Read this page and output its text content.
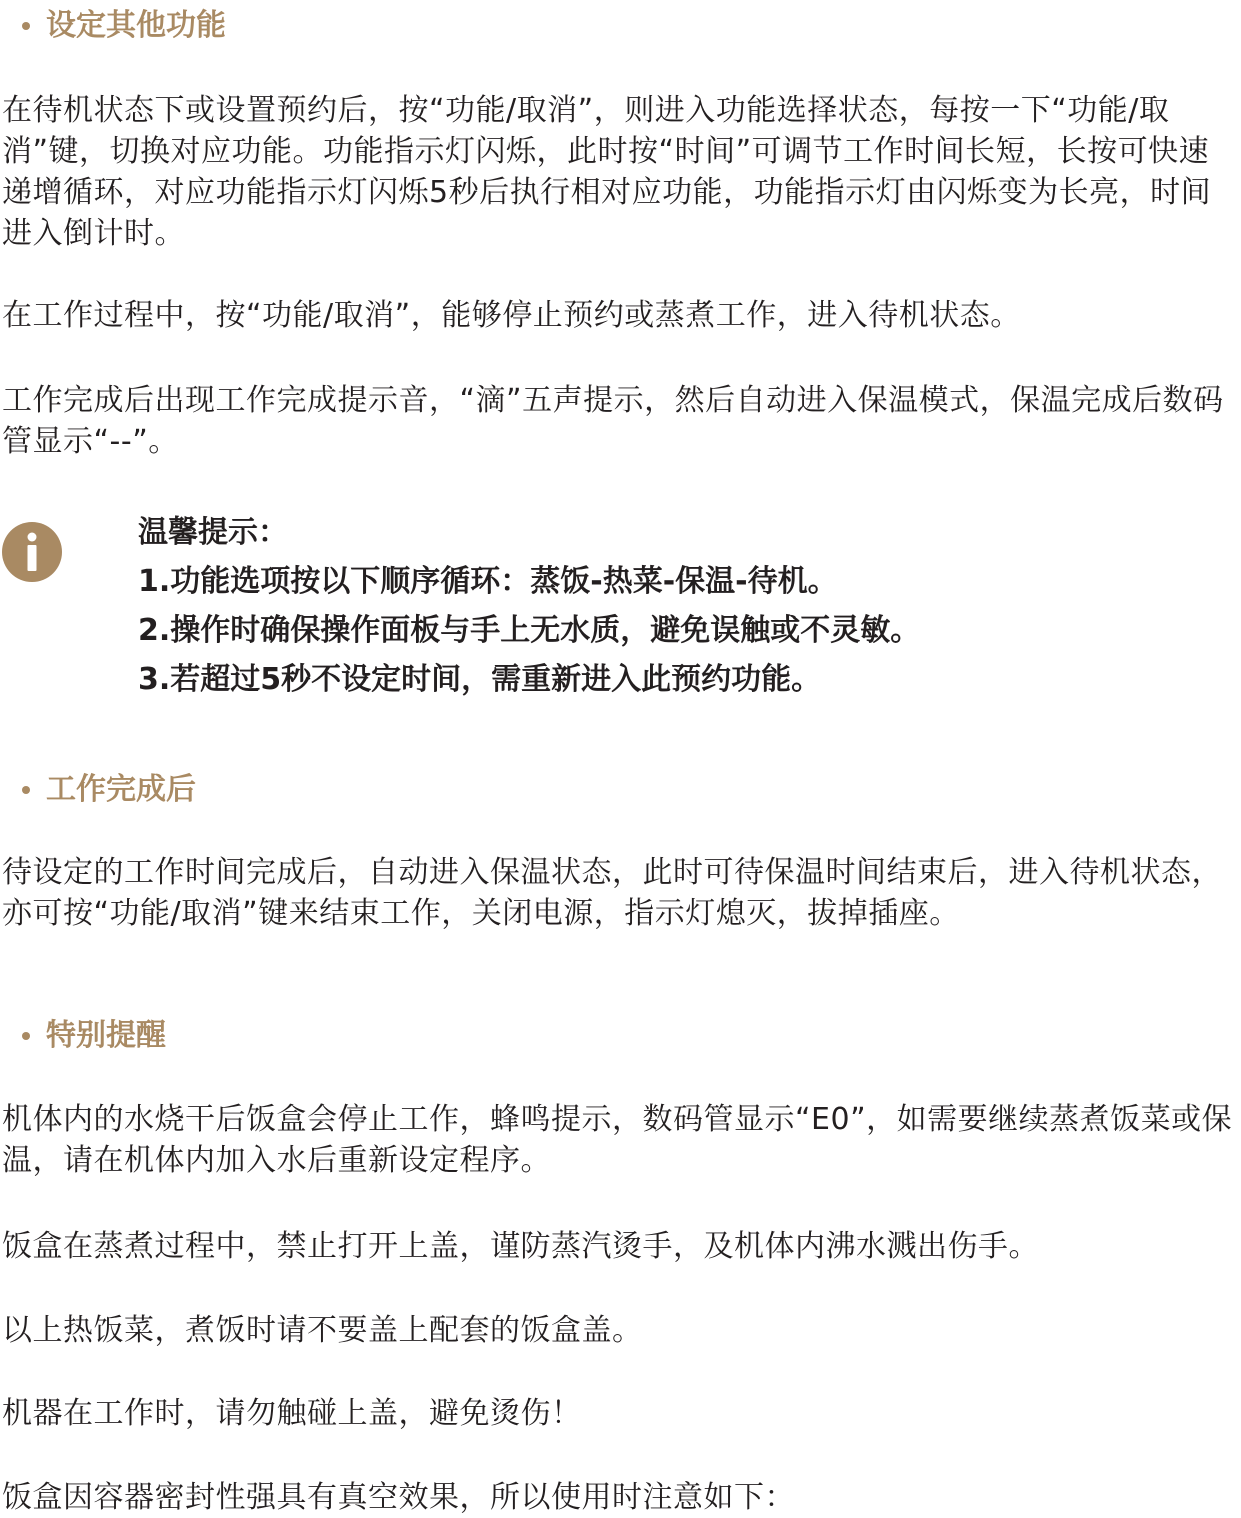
设定其他功能

在待机状态下或设置预约后，按“功能/取消”，则进入功能选择状态，每按一下“功能/取消”键，切换对应功能。功能指示灯闪烁，此时按“时间”可调节工作时间长短，长按可快速递增循环，对应功能指示灯闪烁5秒后执行相对应功能，功能指示灯由闪烁变为长亮，时间进入倒计时。

在工作过程中，按“功能/取消”，能够停止预约或蒸煮工作，进入待机状态。

工作完成后出现工作完成提示音，“滴”五声提示，然后自动进入保温模式，保温完成后数码管显示“--”。

温馨提示：
1.功能选项按以下顺序循环：蒸饭-热菜-保温-待机。
2.操作时确保操作面板与手上无水质，避免误触或不灵敏。
3.若超过5秒不设定时间，需重新进入此预约功能。
工作完成后

待设定的工作时间完成后，自动进入保温状态，此时可待保温时间结束后，进入待机状态，亦可按“功能/取消”键来结束工作，关闭电源，指示灯熄灭，拔掉插座。

特别提醒

机体内的水烧干后饭盒会停止工作，蜂鸣提示，数码管显示“E0”，如需要继续蒸煮饭菜或保温，请在机体内加入水后重新设定程序。

饭盒在蒸煮过程中，禁止打开上盖，谨防蒸汽烫手，及机体内沸水溅出伤手。

以上热饭菜，煮饭时请不要盖上配套的饭盒盖。

机器在工作时，请勿触碰上盖，避免烫伤！

饭盒因容器密封性强具有真空效果，所以使用时注意如下：
